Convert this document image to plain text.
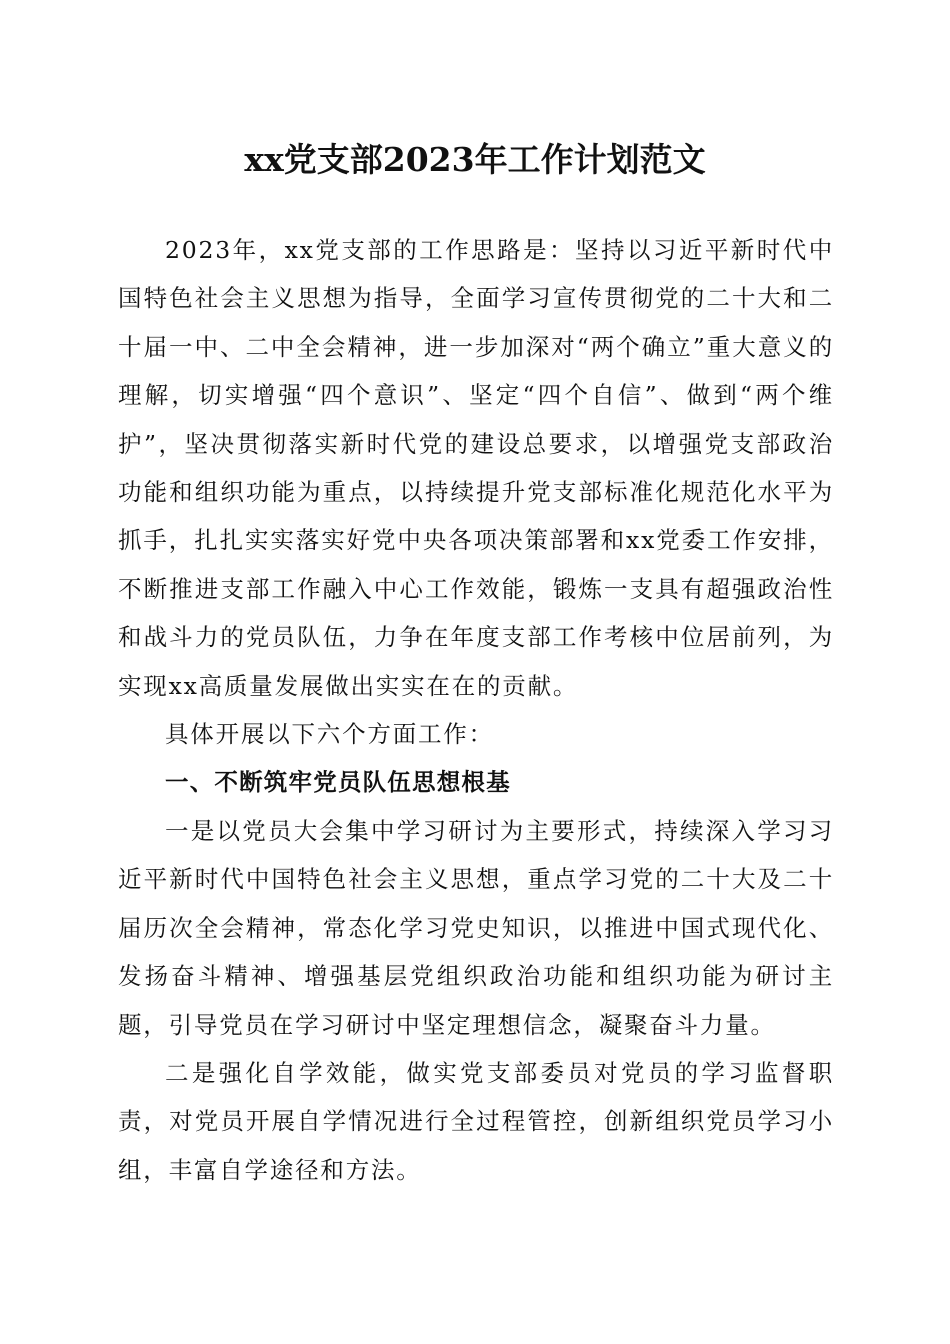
xx党支部2023年工作计划范文

2023年，xx党支部的工作思路是：坚持以习近平新时代中国特色社会主义思想为指导，全面学习宣传贯彻党的二十大和二十届一中、二中全会精神，进一步加深对“两个确立”重大意义的理解，切实增强“四个意识”、坚定“四个自信”、做到“两个维护”，坚决贯彻落实新时代党的建设总要求，以增强党支部政治功能和组织功能为重点，以持续提升党支部标准化规范化水平为抓手，扎扎实实落实好党中央各项决策部署和xx党委工作安排，不断推进支部工作融入中心工作效能，锻炼一支具有超强政治性和战斗力的党员队伍，力争在年度支部工作考核中位居前列，为实现xx高质量发展做出实实在在的贡献。

具体开展以下六个方面工作：

一、不断筑牢党员队伍思想根基

一是以党员大会集中学习研讨为主要形式，持续深入学习习近平新时代中国特色社会主义思想，重点学习党的二十大及二十届历次全会精神，常态化学习党史知识，以推进中国式现代化、发扬奋斗精神、增强基层党组织政治功能和组织功能为研讨主题，引导党员在学习研讨中坚定理想信念，凝聚奋斗力量。

二是强化自学效能，做实党支部委员对党员的学习监督职责，对党员开展自学情况进行全过程管控，创新组织党员学习小组，丰富自学途径和方法。
